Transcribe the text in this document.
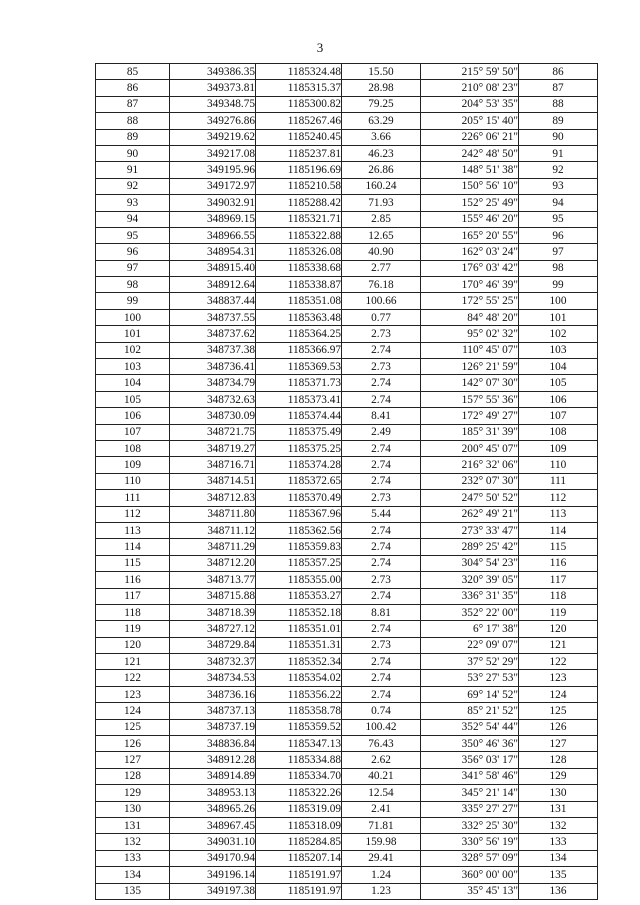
3
85	349386.35	1185324.48	15.50	215° 59' 50"	86
86	349373.81	1185315.37	28.98	210° 08' 23"	87
87	349348.75	1185300.82	79.25	204° 53' 35"	88
88	349276.86	1185267.46	63.29	205° 15' 40"	89
89	349219.62	1185240.45	3.66	226° 06' 21"	90
90	349217.08	1185237.81	46.23	242° 48' 50"	91
91	349195.96	1185196.69	26.86	148° 51' 38"	92
92	349172.97	1185210.58	160.24	150° 56' 10"	93
93	349032.91	1185288.42	71.93	152° 25' 49"	94
94	348969.15	1185321.71	2.85	155° 46' 20"	95
95	348966.55	1185322.88	12.65	165° 20' 55"	96
96	348954.31	1185326.08	40.90	162° 03' 24"	97
97	348915.40	1185338.68	2.77	176° 03' 42"	98
98	348912.64	1185338.87	76.18	170° 46' 39"	99
99	348837.44	1185351.08	100.66	172° 55' 25"	100
100	348737.55	1185363.48	0.77	84° 48' 20"	101
101	348737.62	1185364.25	2.73	95° 02' 32"	102
102	348737.38	1185366.97	2.74	110° 45' 07"	103
103	348736.41	1185369.53	2.73	126° 21' 59"	104
104	348734.79	1185371.73	2.74	142° 07' 30"	105
105	348732.63	1185373.41	2.74	157° 55' 36"	106
106	348730.09	1185374.44	8.41	172° 49' 27"	107
107	348721.75	1185375.49	2.49	185° 31' 39"	108
108	348719.27	1185375.25	2.74	200° 45' 07"	109
109	348716.71	1185374.28	2.74	216° 32' 06"	110
110	348714.51	1185372.65	2.74	232° 07' 30"	111
111	348712.83	1185370.49	2.73	247° 50' 52"	112
112	348711.80	1185367.96	5.44	262° 49' 21"	113
113	348711.12	1185362.56	2.74	273° 33' 47"	114
114	348711.29	1185359.83	2.74	289° 25' 42"	115
115	348712.20	1185357.25	2.74	304° 54' 23"	116
116	348713.77	1185355.00	2.73	320° 39' 05"	117
117	348715.88	1185353.27	2.74	336° 31' 35"	118
118	348718.39	1185352.18	8.81	352° 22' 00"	119
119	348727.12	1185351.01	2.74	6° 17' 38"	120
120	348729.84	1185351.31	2.73	22° 09' 07"	121
121	348732.37	1185352.34	2.74	37° 52' 29"	122
122	348734.53	1185354.02	2.74	53° 27' 53"	123
123	348736.16	1185356.22	2.74	69° 14' 52"	124
124	348737.13	1185358.78	0.74	85° 21' 52"	125
125	348737.19	1185359.52	100.42	352° 54' 44"	126
126	348836.84	1185347.13	76.43	350° 46' 36"	127
127	348912.28	1185334.88	2.62	356° 03' 17"	128
128	348914.89	1185334.70	40.21	341° 58' 46"	129
129	348953.13	1185322.26	12.54	345° 21' 14"	130
130	348965.26	1185319.09	2.41	335° 27' 27"	131
131	348967.45	1185318.09	71.81	332° 25' 30"	132
132	349031.10	1185284.85	159.98	330° 56' 19"	133
133	349170.94	1185207.14	29.41	328° 57' 09"	134
134	349196.14	1185191.97	1.24	360° 00' 00"	135
135	349197.38	1185191.97	1.23	35° 45' 13"	136
